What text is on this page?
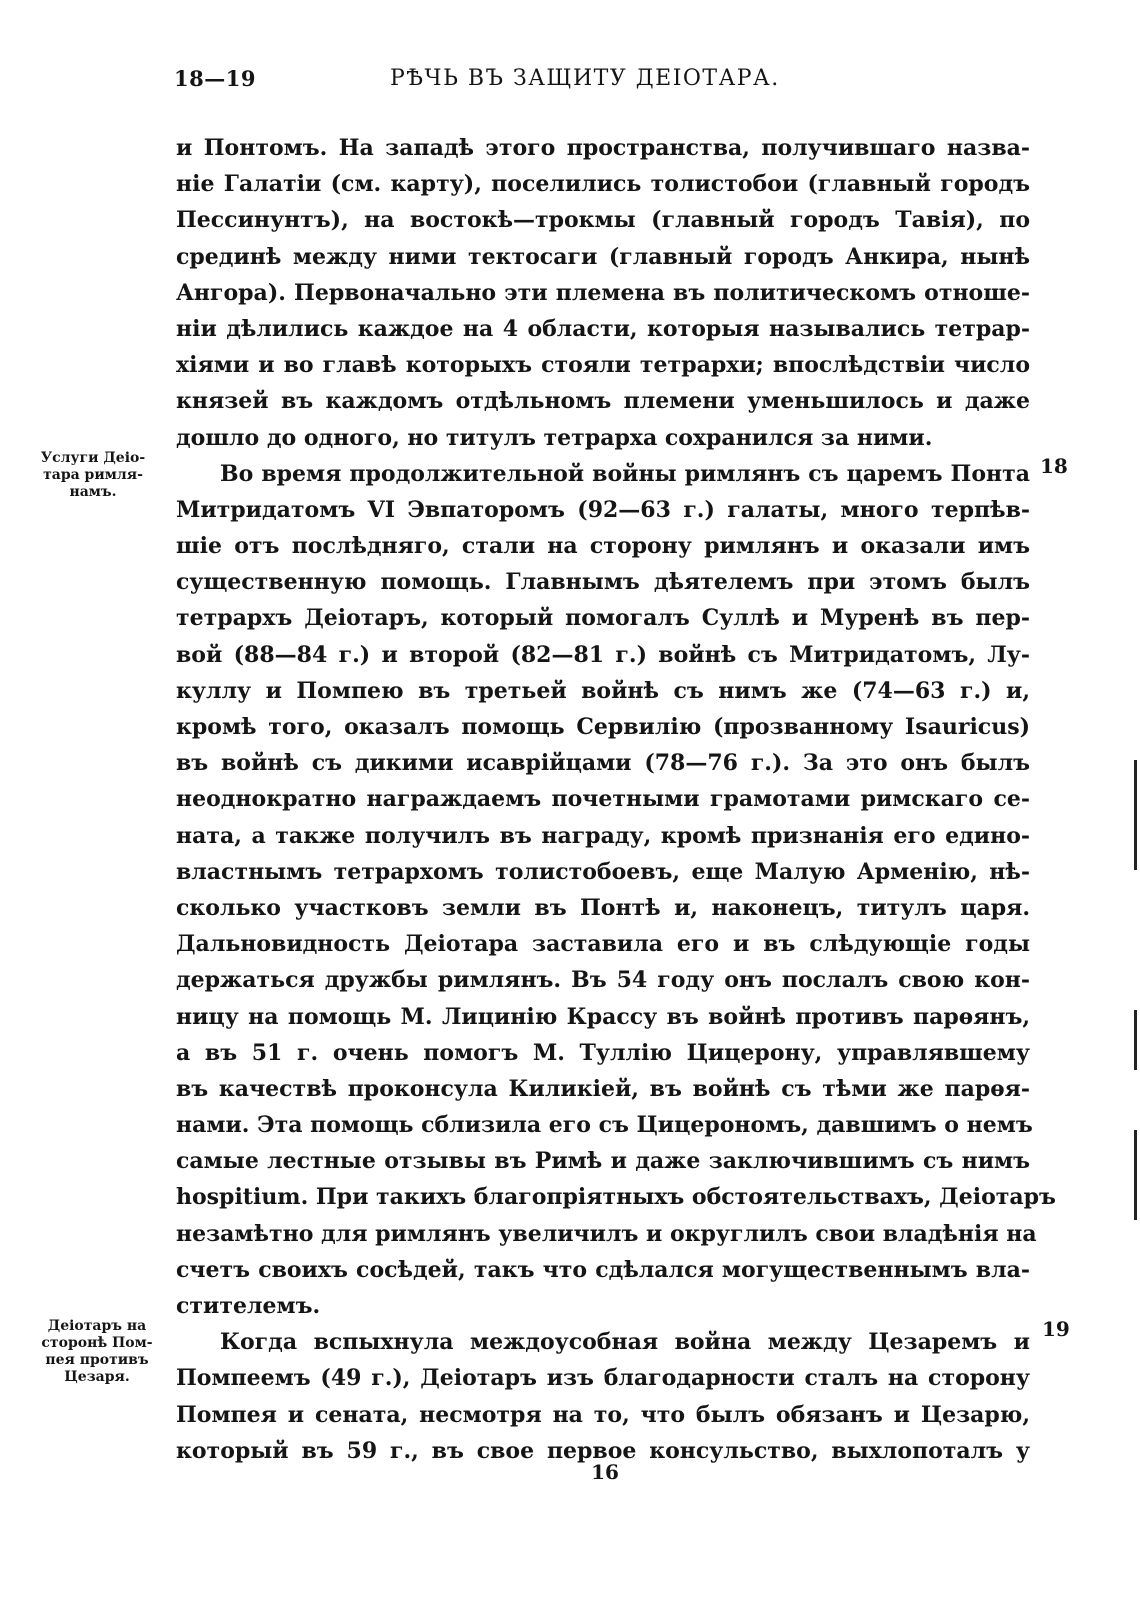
18—19	РѢЧЬ ВЪ ЗАЩИТУ ДЕIОТАРА.
и Понтомъ. На западѣ этого пространства, получившаго назва-
нiе Галатiи (см. карту), поселились толистобои (главный городъ
Пессинунтъ), на востокѣ—трокмы (главный городъ Тавiя), по
срединѣ между ними тектосаги (главный городъ Анкира, нынѣ
Ангора). Первоначально эти племена въ политическомъ отноше-
нiи дѣлились каждое на 4 области, которыя назывались тетрар-
хiями и во главѣ которыхъ стояли тетрархи; впослѣдствiи число
князей въ каждомъ отдѣльномъ племени уменьшилось и даже
дошло до одного, но титулъ тетрарха сохранился за ними.
Во время продолжительной войны римлянъ съ царемъ Понта
Митридатомъ VI Эвпаторомъ (92—63 г.) галаты, много терпѣв-
шiе отъ послѣдняго, стали на сторону римлянъ и оказали имъ
существенную помощь. Главнымъ дѣятелемъ при этомъ былъ
тетрархъ Деiотаръ, который помогалъ Суллѣ и Муренѣ въ пер-
вой (88—84 г.) и второй (82—81 г.) войнѣ съ Митридатомъ, Лу-
куллу и Помпею въ третьей войнѣ съ нимъ же (74—63 г.) и,
кромѣ того, оказалъ помощь Сервилiю (прозванному Isauricus)
въ войнѣ съ дикими исаврiйцами (78—76 г.). За это онъ былъ
неоднократно награждаемъ почетными грамотами римскаго се-
ната, а также получилъ въ награду, кромѣ признанiя его едино-
властнымъ тетрархомъ толистобоевъ, еще Малую Арменiю, нѣ-
сколько участковъ земли въ Понтѣ и, наконецъ, титулъ царя.
Дальновидность Деiотара заставила его и въ слѣдующiе годы
держаться дружбы римлянъ. Въ 54 году онъ послалъ свою кон-
ницу на помощь М. Лицинiю Крассу въ войнѣ противъ парѳянъ,
а въ 51 г. очень помогъ М. Туллiю Цицерону, управлявшему
въ качествѣ проконсула Киликiей, въ войнѣ съ тѣми же парѳя-
нами. Эта помощь сблизила его съ Цицерономъ, давшимъ о немъ
самые лестные отзывы въ Римѣ и даже заключившимъ съ нимъ
hospitium. При такихъ благопрiятныхъ обстоятельствахъ, Деiотаръ
незамѣтно для римлянъ увеличилъ и округлилъ свои владѣнiя на
счетъ своихъ сосѣдей, такъ что сдѣлался могущественнымъ вла-
стителемъ.
Когда вспыхнула междоусобная война между Цезаремъ и
Помпеемъ (49 г.), Деiотаръ изъ благодарности сталъ на сторону
Помпея и сената, несмотря на то, что былъ обязанъ и Цезарю,
который въ 59 г., въ свое первое консульство, выхлопоталъ у
Услуги Деiо-
тара римля-
намъ.
Деiотаръ на
сторонѣ Пом-
пея противъ
Цезаря.
18
19
16
